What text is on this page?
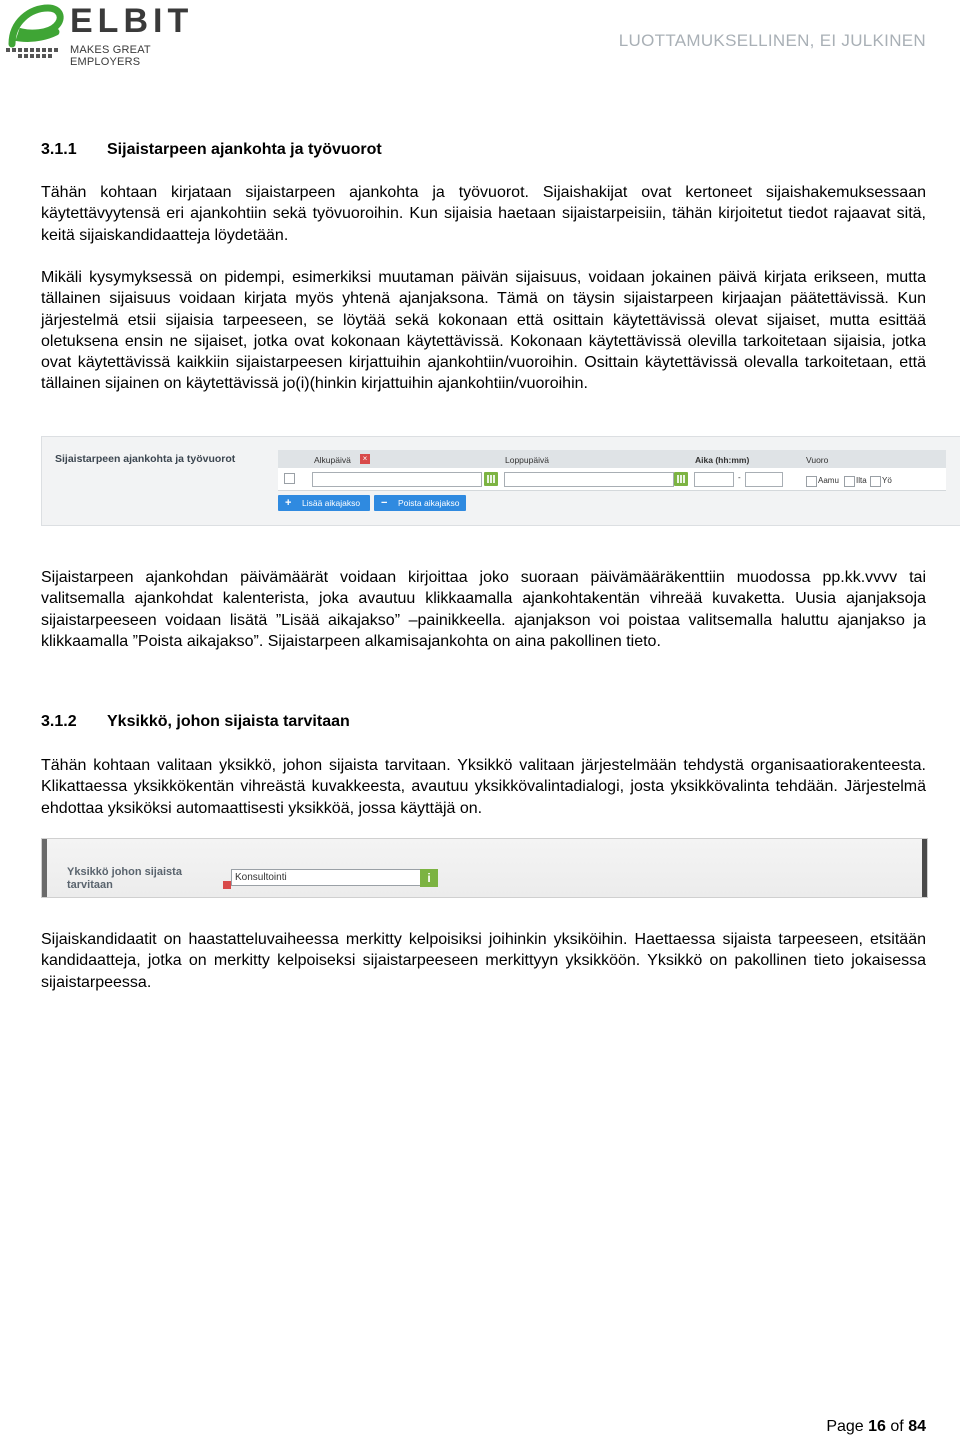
ELBIT
MAKES GREAT EMPLOYERS
LUOTTAMUKSELLINEN, EI JULKINEN
3.1.1 Sijaistarpeen ajankohta ja työvuorot

Tähän kohtaan kirjataan sijaistarpeen ajankohta ja työvuorot. Sijaishakijat ovat kertoneet sijaishakemuksessaan käytettävyytensä eri ajankohtiin sekä työvuoroihin. Kun sijaisia haetaan sijaistarpeisiin, tähän kirjoitetut tiedot rajaavat sitä, keitä sijaiskandidaatteja löydetään.

Mikäli kysymyksessä on pidempi, esimerkiksi muutaman päivän sijaisuus, voidaan jokainen päivä kirjata erikseen, mutta tällainen sijaisuus voidaan kirjata myös yhtenä ajanjaksona. Tämä on täysin sijaistarpeen kirjaajan päätettävissä. Kun järjestelmä etsii sijaisia tarpeeseen, se löytää sekä kokonaan että osittain käytettävissä olevat sijaiset, mutta esittää oletuksena ensin ne sijaiset, jotka ovat kokonaan käytettävissä. Kokonaan käytettävissä olevilla tarkoitetaan sijaisia, jotka ovat käytettävissä kaikkiin sijaistarpeesen kirjattuihin ajankohtiin/vuoroihin. Osittain käytettävissä olevalla tarkoitetaan, että tällainen sijainen on käytettävissä jo(i)(hinkin kirjattuihin ajankohtiin/vuoroihin.

Sijaistarpeen ajankohta ja työvuorot	Alkupäivä	×	Loppupäivä	Aika (hh:mm)	Vuoro
-	Aamu Ilta Yö
+ Lisää aikajakso	− Poista aikajakso

Sijaistarpeen ajankohdan päivämäärät voidaan kirjoittaa joko suoraan päivämääräkenttiin muodossa pp.kk.vvvv tai valitsemalla ajankohdat kalenterista, joka avautuu klikkaamalla ajankohtakentän vihreää kuvaketta. Uusia ajanjaksoja sijaistarpeeseen voidaan lisätä ”Lisää aikajakso” –painikkeella. ajanjakson voi poistaa valitsemalla haluttu ajanjakso ja klikkaamalla ”Poista aikajakso”. Sijaistarpeen alkamisajankohta on aina pakollinen tieto.

3.1.2 Yksikkö, johon sijaista tarvitaan

Tähän kohtaan valitaan yksikkö, johon sijaista tarvitaan. Yksikkö valitaan järjestelmään tehdystä organisaatiorakenteesta. Klikattaessa yksikkökentän vihreästä kuvakkeesta, avautuu yksikkövalintadialogi, josta yksikkövalinta tehdään. Järjestelmä ehdottaa yksiköksi automaattisesti yksikköä, jossa käyttäjä on.

Yksikkö johon sijaista
tarvitaan
Konsultointi	i

Sijaiskandidaatit on haastatteluvaiheessa merkitty kelpoisiksi joihinkin yksiköihin. Haettaessa sijaista tarpeeseen, etsitään kandidaatteja, jotka on merkitty kelpoiseksi sijaistarpeeseen merkittyyn yksikköön. Yksikkö on pakollinen tieto jokaisessa sijaistarpeessa.

Page 16 of 84
